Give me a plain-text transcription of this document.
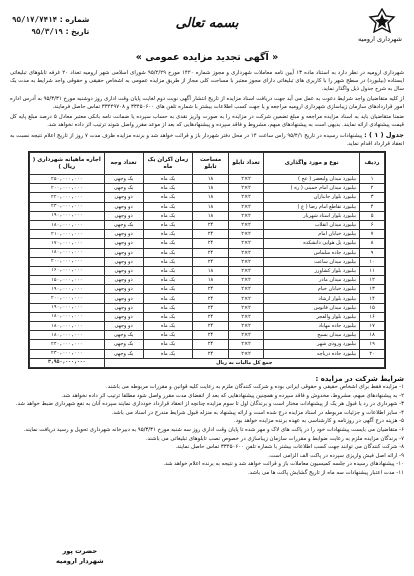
شهرداری ارومیه
بسمه تعالی
شماره : ۹۵/۱۷/۷۴۱۴
تاریخ : ۹۵/۳/۱۹
« آگهی تجدید مزایده عمومی »

شهرداری ارومیه در نظر دارد به استناد ماده ۱۳ آیین نامه معاملات شهرداری و مجوز شماره ۱۴۲۰ مورخ ۹۵/۲/۲۹ شورای اسلامی شهر ارومیه تعداد ۲۰ غرفه تابلوهای تبلیغاتی ایستاده (بیلبورد) در سطح شهر را با کاربری های تبلیغاتی دارای مجوز معتبر با مساحت کلی مجاز از طریق مزایده عمومی به اشخاص حقیقی و حقوقی واجد شرایط به مدت یک سال به شرح جدول ذیل واگذار نماید.

از کلیه متقاضیان واجد شرایط دعوت به عمل می آید جهت دریافت اسناد مزایده از تاریخ انتشار آگهی نوبت دوم لغایت پایان وقت اداری روز دوشنبه مورخ ۹۵/۳/۳۱ به آدرس اداره امور قراردادهای سازمان زیباسازی شهرداری ارومیه مراجعه و یا جهت کسب اطلاعات بیشتر با شماره تلفن های ۳۳۴۵۰۶۰۰ و ۳۳۴۴۹۷۰۸ تماس حاصل فرمایند.

ضمنا متقاضیان باید به اسناد مزایده مراجعه و مبلغ تضمین شرکت در مزایده را به صورت واریز نقدی به حساب سپرده یا ضمانت نامه بانکی معتبر معادل ۵ درصد مبلغ پایه کل قیمت پیشنهادی ارائه نمایند. بدیهی است به پیشنهادهای مبهم، مشروط و فاقد سپرده و پیشنهادهایی که بعد از موعد مقرر واصل شوند ترتیب اثر داده نخواهد شد.

جدول ( ۱ ) : پیشنهادات رسیده در تاریخ ۹۵/۴/۱ راس ساعت ۱۴ در محل دفتر شهردار باز و قرائت خواهد شد و برنده مزایده ظرف مدت ۷ روز از تاریخ اعلام نتیجه نسبت به انعقاد قرارداد اقدام نماید.
ردیف	نوع و مورد واگذاری	تعداد تابلو	مساحت تابلو	زمان اکران یک ماه	تعداد وجه	اجاره ماهیانه شهرداری ( ریال )
۱	بیلبورد میدان ولیعصر ( عج )	۲×۲	۱۸	یک ماه	یک وجهی	۲۵۰,۰۰۰,۰۰۰
۲	بیلبورد میدان امام خمینی ( ره )	۲×۲	۱۸	یک ماه	یک وجهی	۲۰۰,۰۰۰,۰۰۰
۳	بیلبورد بلوار جانبازان	۲×۲	۱۸	یک ماه	دو وجهی	۲۲۰,۰۰۰,۰۰۰
۴	بیلبورد تقاطع امام رضا ( ع )	۲×۲	۱۸	یک ماه	دو وجهی	۲۳۰,۰۰۰,۰۰۰
۵	بیلبورد بلوار استاد شهریار	۲×۲	۱۸	یک ماه	دو وجهی	۱۹۰,۰۰۰,۰۰۰
۶	بیلبورد میدان انقلاب	۲×۲	۲۴	یک ماه	یک وجهی	۱۸۰,۰۰۰,۰۰۰
۷	بیلبورد خیابان امام	۲×۲	۲۴	یک ماه	دو وجهی	۲۱۰,۰۰۰,۰۰۰
۸	بیلبورد پل هوایی دانشکده	۲×۲	۲۴	یک ماه	دو وجهی	۱۷۰,۰۰۰,۰۰۰
۹	بیلبورد جاده سلماس	۲×۲	۲۴	یک ماه	دو وجهی	۱۸۰,۰۰۰,۰۰۰
۱۰	بیلبورد میدان ساعت	۲×۲	۲۴	یک ماه	دو وجهی	۲۰۰,۰۰۰,۰۰۰
۱۱	بیلبورد بلوار کشاورز	۲×۲	۱۸	یک ماه	دو وجهی	۱۶۰,۰۰۰,۰۰۰
۱۲	بیلبورد میدان مادر	۲×۲	۱۸	یک ماه	دو وجهی	۱۵۰,۰۰۰,۰۰۰
۱۳	بیلبورد خیابان خیام	۲×۲	۲۴	یک ماه	دو وجهی	۱۹۰,۰۰۰,۰۰۰
۱۴	بیلبورد بلوار ارشاد	۲×۲	۲۴	یک ماه	دو وجهی	۲۰۰,۰۰۰,۰۰۰
۱۵	بیلبورد میدان فانوس	۲×۲	۲۴	یک ماه	دو وجهی	۱۹۰,۰۰۰,۰۰۰
۱۶	بیلبورد بلوار والفجر	۲×۲	۲۴	یک ماه	دو وجهی	۱۸۰,۰۰۰,۰۰۰
۱۷	بیلبورد جاده مهاباد	۲×۲	۲۴	یک ماه	دو وجهی	۱۸۰,۰۰۰,۰۰۰
۱۸	بیلبورد میدان بسیج	۲×۲	۲۴	یک ماه	یک وجهی	۱۸۰,۰۰۰,۰۰۰
۱۹	بیلبورد ورودی شهر	۲×۲	۲۴	یک ماه	یک وجهی	۲۴۰,۰۰۰,۰۰۰
۲۰	بیلبورد جاده دریاچه	۲×۲	۲۴	یک ماه	یک وجهی	۲۳۰,۰۰۰,۰۰۰
جمع کل مالیات به ریال						۳,۹۵۰,۰۰۰,۰۰۰
شرایط شرکت در مزایده :
۱- مزایده فقط برای اشخاص حقیقی و حقوقی ایرانی بوده و شرکت کنندگان ملزم به رعایت کلیه قوانین و مقررات مربوطه می باشند.
۲- به پیشنهادهای مبهم، مشروط، مخدوش و فاقد سپرده و همچنین پیشنهادهایی که بعد از انقضای مدت مقرر واصل شود مطلقا ترتیب اثر داده نخواهد شد.
۳- شهرداری در رد یا قبول هر یک از پیشنهادات مختار است و برندگان اول تا سوم مزایده چنانچه از انعقاد قرارداد خودداری نمایند سپرده آنان به نفع شهرداری ضبط خواهد شد.
۴- سایر اطلاعات و جزئیات مربوطه در اسناد مزایده درج شده است و ارائه پیشنهاد به منزله قبول شرایط مندرج در اسناد می باشد.
۵- هزینه درج آگهی در روزنامه و کارشناسی به عهده برنده مزایده خواهد بود.
۶- متقاضیان می بایست پیشنهادات خود را در پاکت های لاک و مهر شده تا پایان وقت اداری روز سه شنبه مورخ ۹۵/۳/۳۱ به دبیرخانه شهرداری تحویل و رسید دریافت نمایند.
۷- برندگان مزایده ملزم به رعایت ضوابط و مقررات سازمان زیباسازی در خصوص نصب تابلوهای تبلیغاتی می باشند.
۸- شرکت کنندگان می توانند جهت کسب اطلاعات بیشتر با شماره تلفن ۳۳۴۵۰۶۰۰ تماس حاصل نمایند.
۹- ارائه اصل فیش واریزی سپرده در پاکت الف الزامی است.
۱۰- پیشنهادهای رسیده در جلسه کمیسیون معاملات باز و قرائت خواهد شد و نتیجه به برنده اعلام خواهد شد.
۱۱- مدت اعتبار پیشنهادات سه ماه از تاریخ گشایش پاکت ها می باشد.
حضرت پور
شهردار ارومیه
